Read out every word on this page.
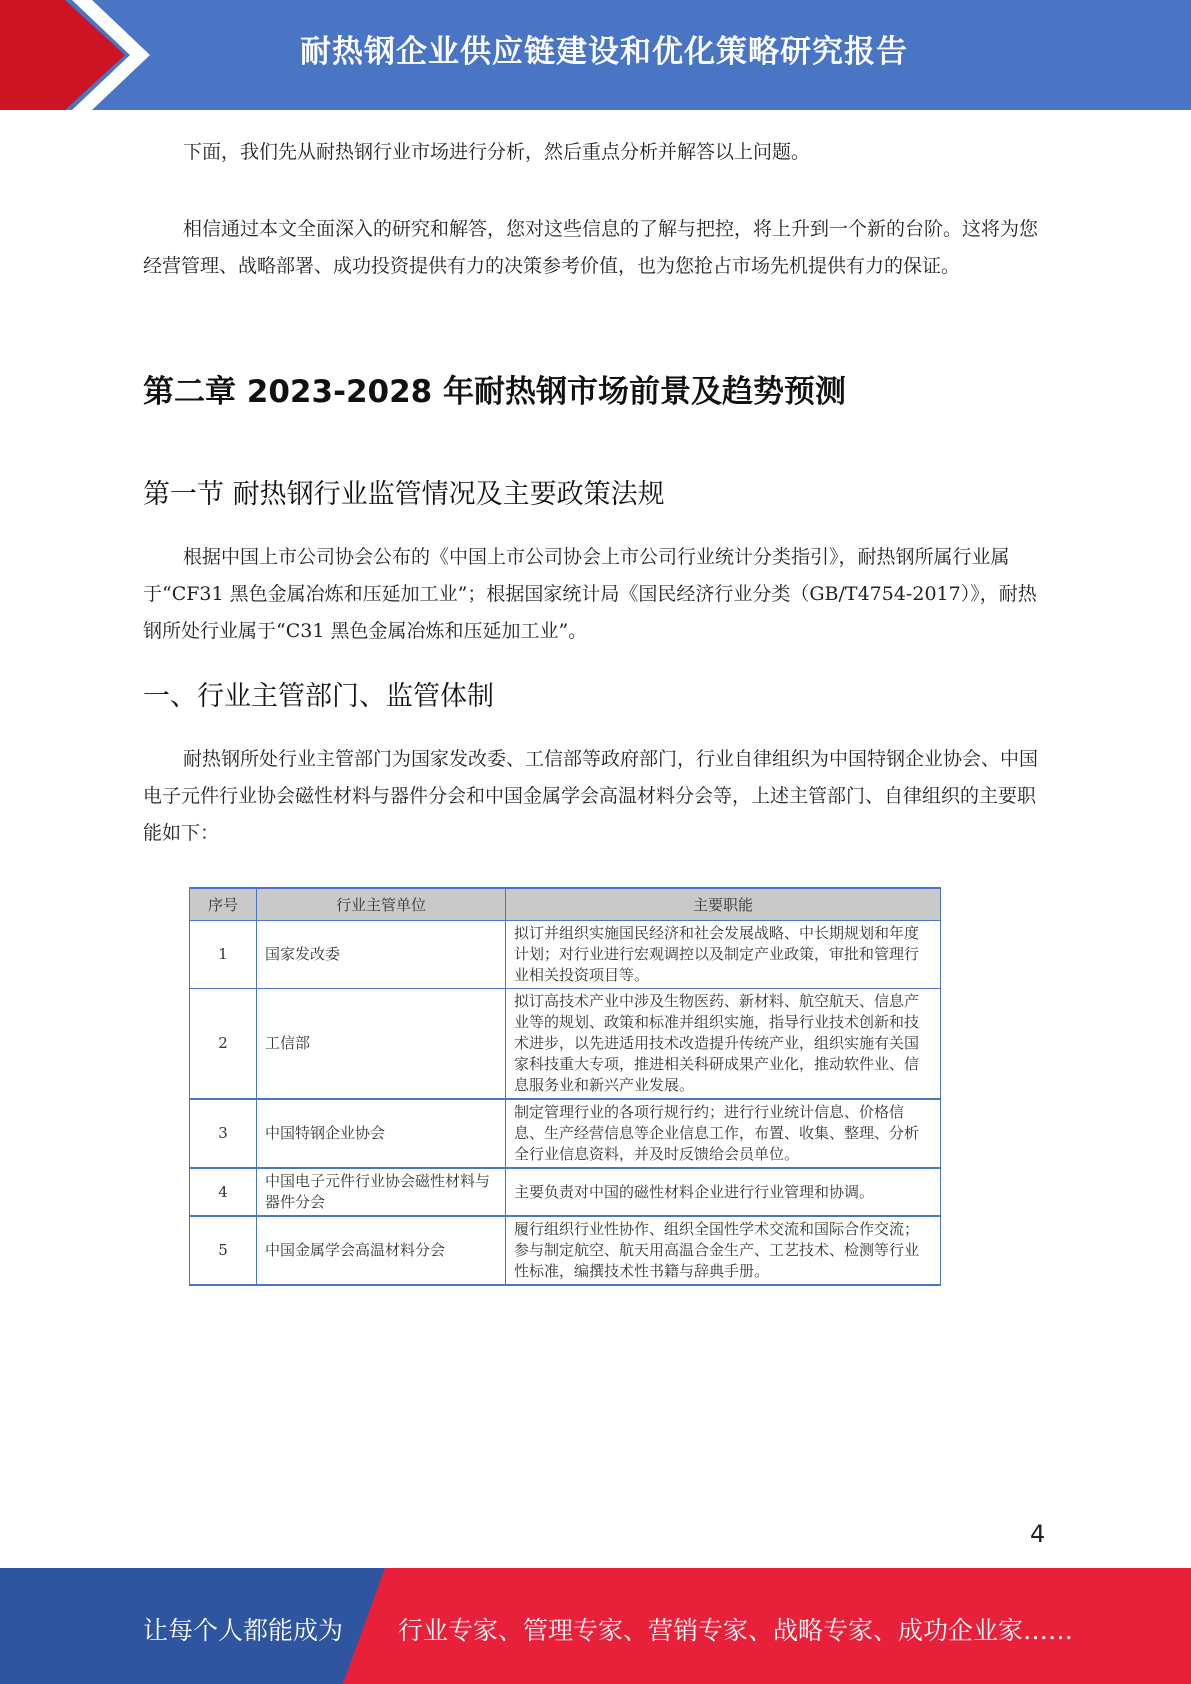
耐热钢企业供应链建设和优化策略研究报告

下面，我们先从耐热钢行业市场进行分析，然后重点分析并解答以上问题。

相信通过本文全面深入的研究和解答，您对这些信息的了解与把控，将上升到一个新的台阶。这将为您经营管理、战略部署、成功投资提供有力的决策参考价值，也为您抢占市场先机提供有力的保证。

第二章 2023-2028 年耐热钢市场前景及趋势预测
第一节 耐热钢行业监管情况及主要政策法规

根据中国上市公司协会公布的《中国上市公司协会上市公司行业统计分类指引》，耐热钢所属行业属于“CF31 黑色金属冶炼和压延加工业”；根据国家统计局《国民经济行业分类（GB/T4754-2017）》，耐热钢所处行业属于“C31 黑色金属冶炼和压延加工业”。

一、行业主管部门、监管体制

耐热钢所处行业主管部门为国家发改委、工信部等政府部门，行业自律组织为中国特钢企业协会、中国电子元件行业协会磁性材料与器件分会和中国金属学会高温材料分会等，上述主管部门、自律组织的主要职能如下：

序号	行业主管单位	主要职能
1	国家发改委	拟订并组织实施国民经济和社会发展战略、中长期规划和年度计划；对行业进行宏观调控以及制定产业政策，审批和管理行业相关投资项目等。
2	工信部	拟订高技术产业中涉及生物医药、新材料、航空航天、信息产业等的规划、政策和标准并组织实施，指导行业技术创新和技术进步，以先进适用技术改造提升传统产业，组织实施有关国家科技重大专项，推进相关科研成果产业化，推动软件业、信息服务业和新兴产业发展。
3	中国特钢企业协会	制定管理行业的各项行规行约；进行行业统计信息、价格信息、生产经营信息等企业信息工作，布置、收集、整理、分析全行业信息资料，并及时反馈给会员单位。
4	中国电子元件行业协会磁性材料与器件分会	主要负责对中国的磁性材料企业进行行业管理和协调。
5	中国金属学会高温材料分会	履行组织行业性协作、组织全国性学术交流和国际合作交流；参与制定航空、航天用高温合金生产、工艺技术、检测等行业性标准，编撰技术性书籍与辞典手册。
4
让每个人都能成为 行业专家、管理专家、营销专家、战略专家、成功企业家……
